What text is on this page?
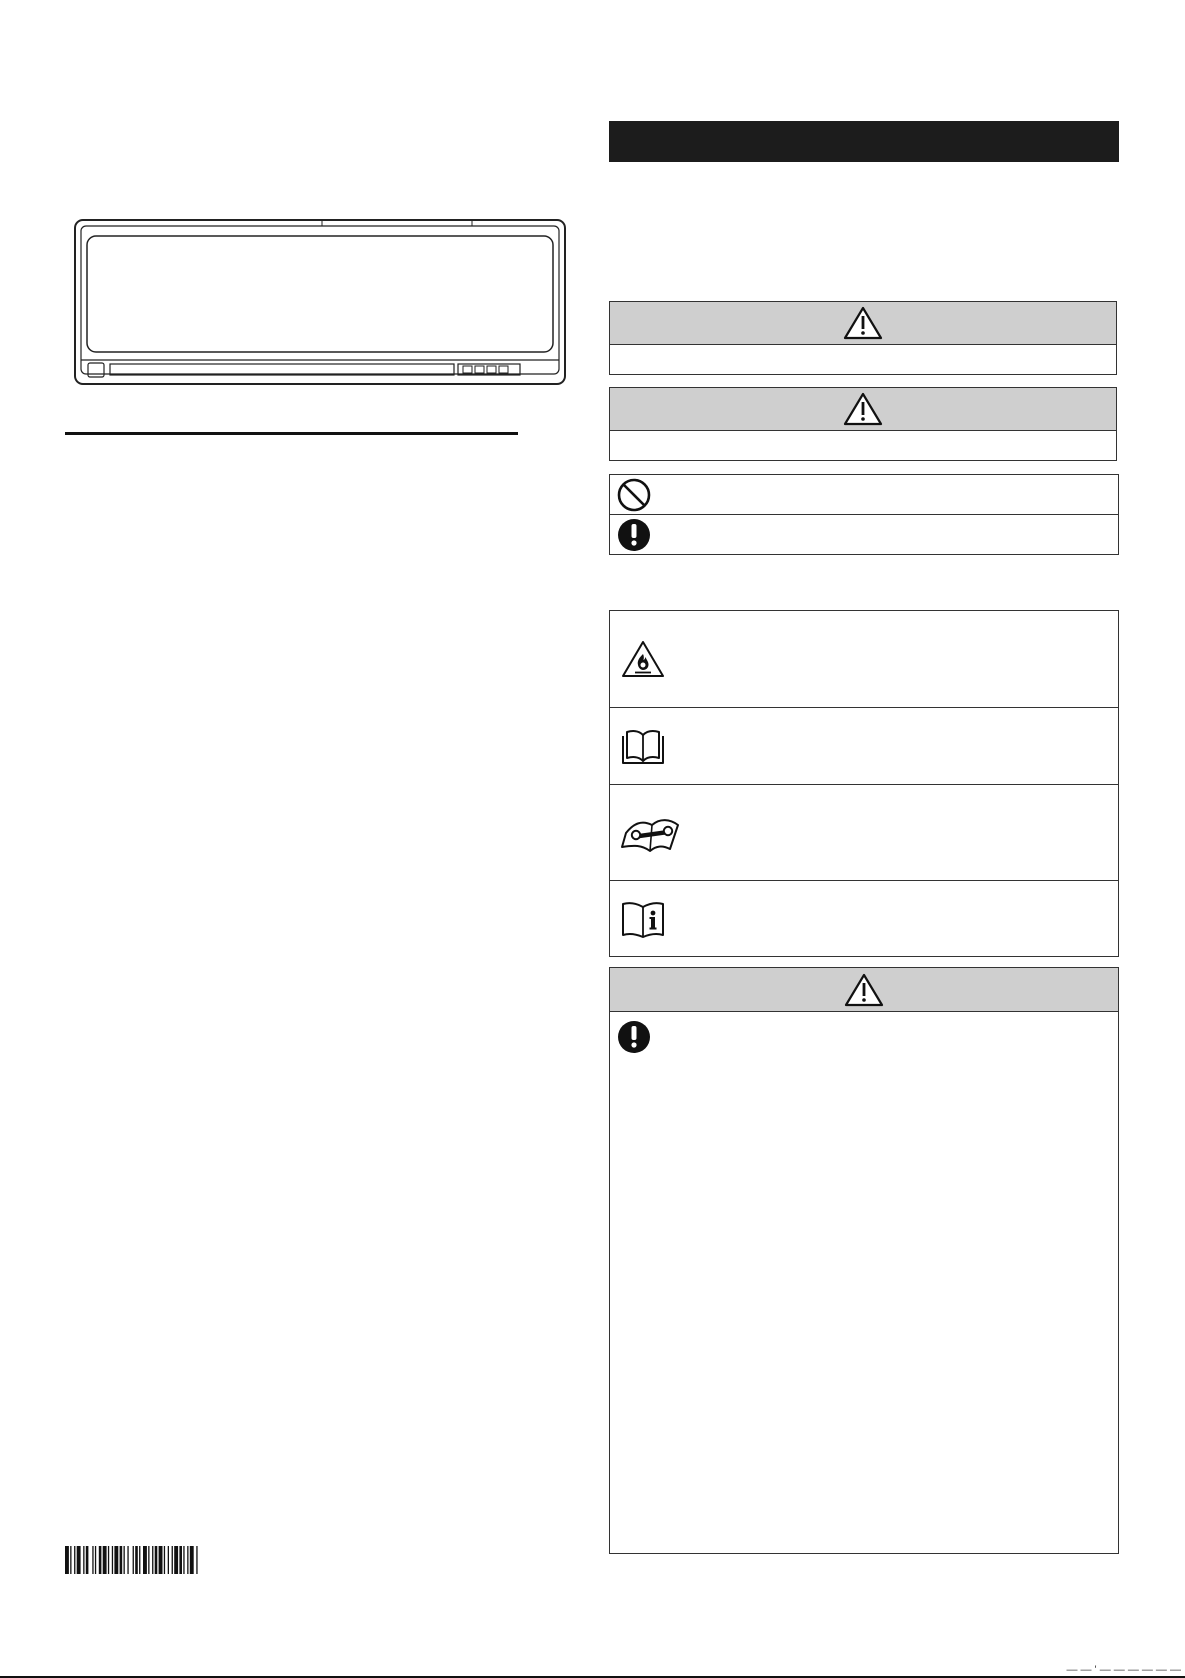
— — ' — — — — — —
